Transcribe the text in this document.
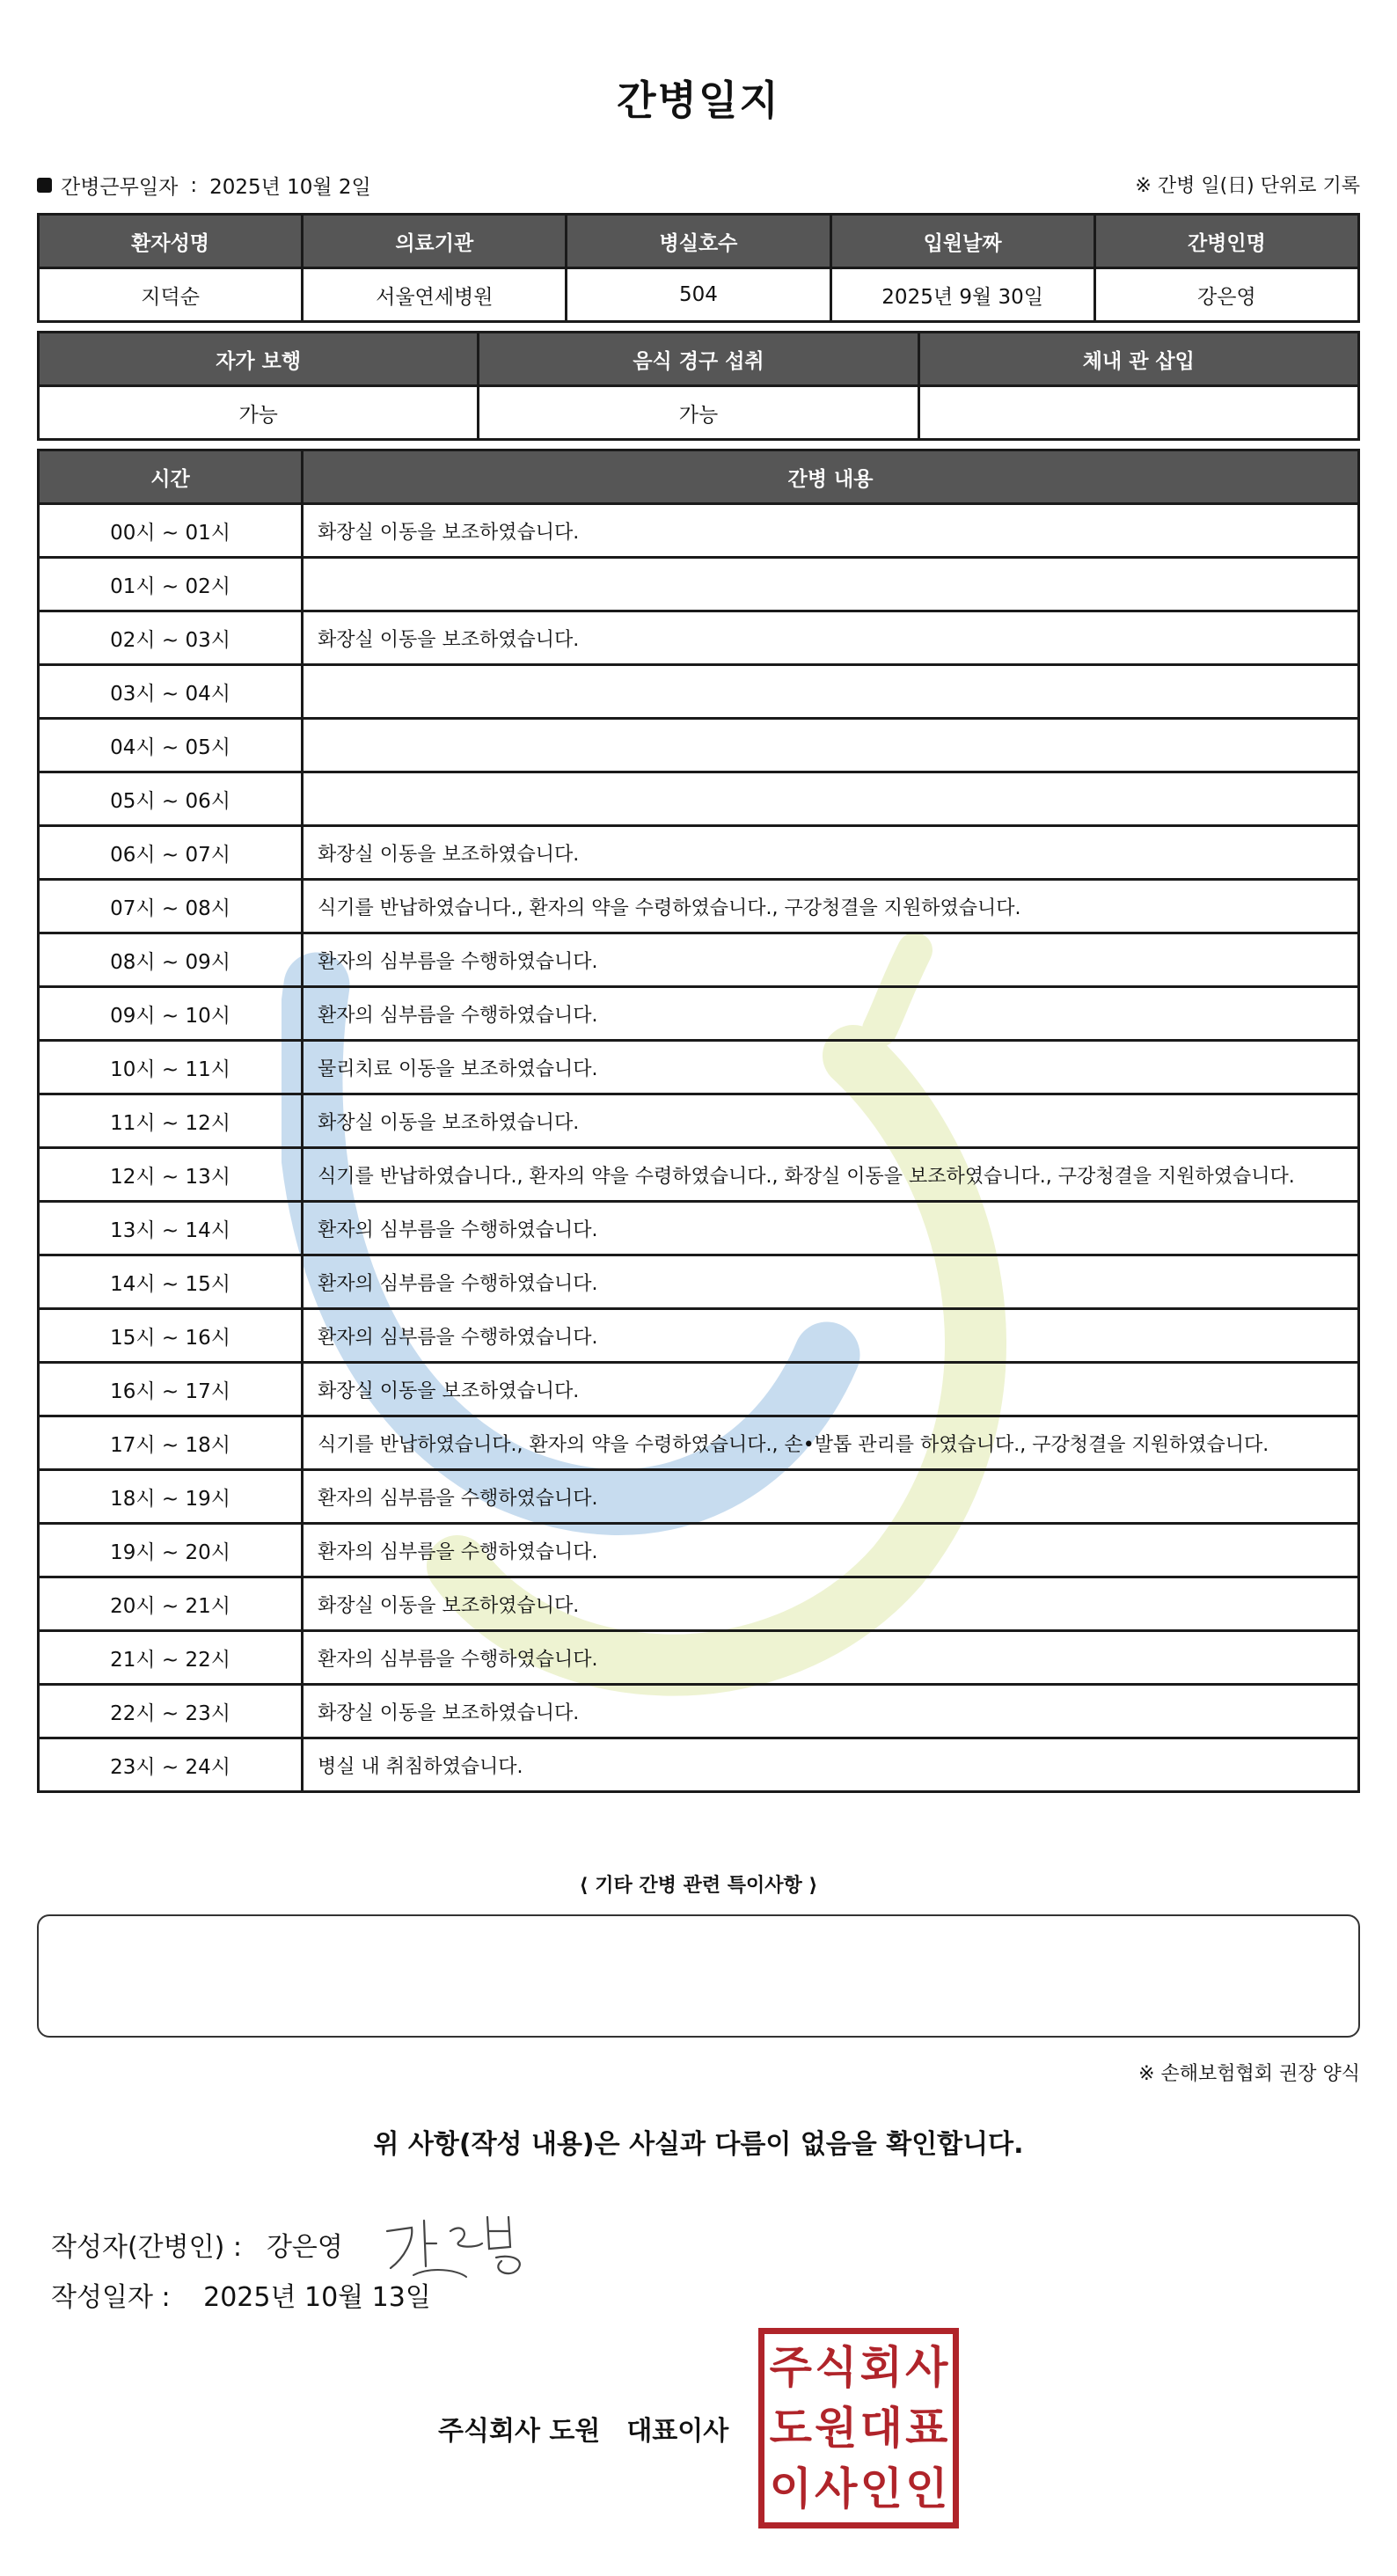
간병일지
간병근무일자 : 2025년 10월 2일	※ 간병 일(日) 단위로 기록
환자성명	의료기관	병실호수	입원날짜	간병인명
지덕순	서울연세병원	504	2025년 9월 30일	강은영
자가 보행	음식 경구 섭취	체내 관 삽입
가능	가능	
시간	간병 내용
00시 ~ 01시	화장실 이동을 보조하였습니다.
01시 ~ 02시	
02시 ~ 03시	화장실 이동을 보조하였습니다.
03시 ~ 04시	
04시 ~ 05시	
05시 ~ 06시	
06시 ~ 07시	화장실 이동을 보조하였습니다.
07시 ~ 08시	식기를 반납하였습니다., 환자의 약을 수령하였습니다., 구강청결을 지원하였습니다.
08시 ~ 09시	환자의 심부름을 수행하였습니다.
09시 ~ 10시	환자의 심부름을 수행하였습니다.
10시 ~ 11시	물리치료 이동을 보조하였습니다.
11시 ~ 12시	화장실 이동을 보조하였습니다.
12시 ~ 13시	식기를 반납하였습니다., 환자의 약을 수령하였습니다., 화장실 이동을 보조하였습니다., 구강청결을 지원하였습니다.
13시 ~ 14시	환자의 심부름을 수행하였습니다.
14시 ~ 15시	환자의 심부름을 수행하였습니다.
15시 ~ 16시	환자의 심부름을 수행하였습니다.
16시 ~ 17시	화장실 이동을 보조하였습니다.
17시 ~ 18시	식기를 반납하였습니다., 환자의 약을 수령하였습니다., 손•발톱 관리를 하였습니다., 구강청결을 지원하였습니다.
18시 ~ 19시	환자의 심부름을 수행하였습니다.
19시 ~ 20시	환자의 심부름을 수행하였습니다.
20시 ~ 21시	화장실 이동을 보조하였습니다.
21시 ~ 22시	환자의 심부름을 수행하였습니다.
22시 ~ 23시	화장실 이동을 보조하였습니다.
23시 ~ 24시	병실 내 취침하였습니다.
⟨ 기타 간병 관련 특이사항 ⟩
※ 손해보험협회 권장 양식
위 사항(작성 내용)은 사실과 다름이 없음을 확인합니다.
작성자(간병인) : 강은영
작성일자 : 2025년 10월 13일
주식회사 도원 대표이사
주 식 회 사
도 원 대 표
이 사 인 인
